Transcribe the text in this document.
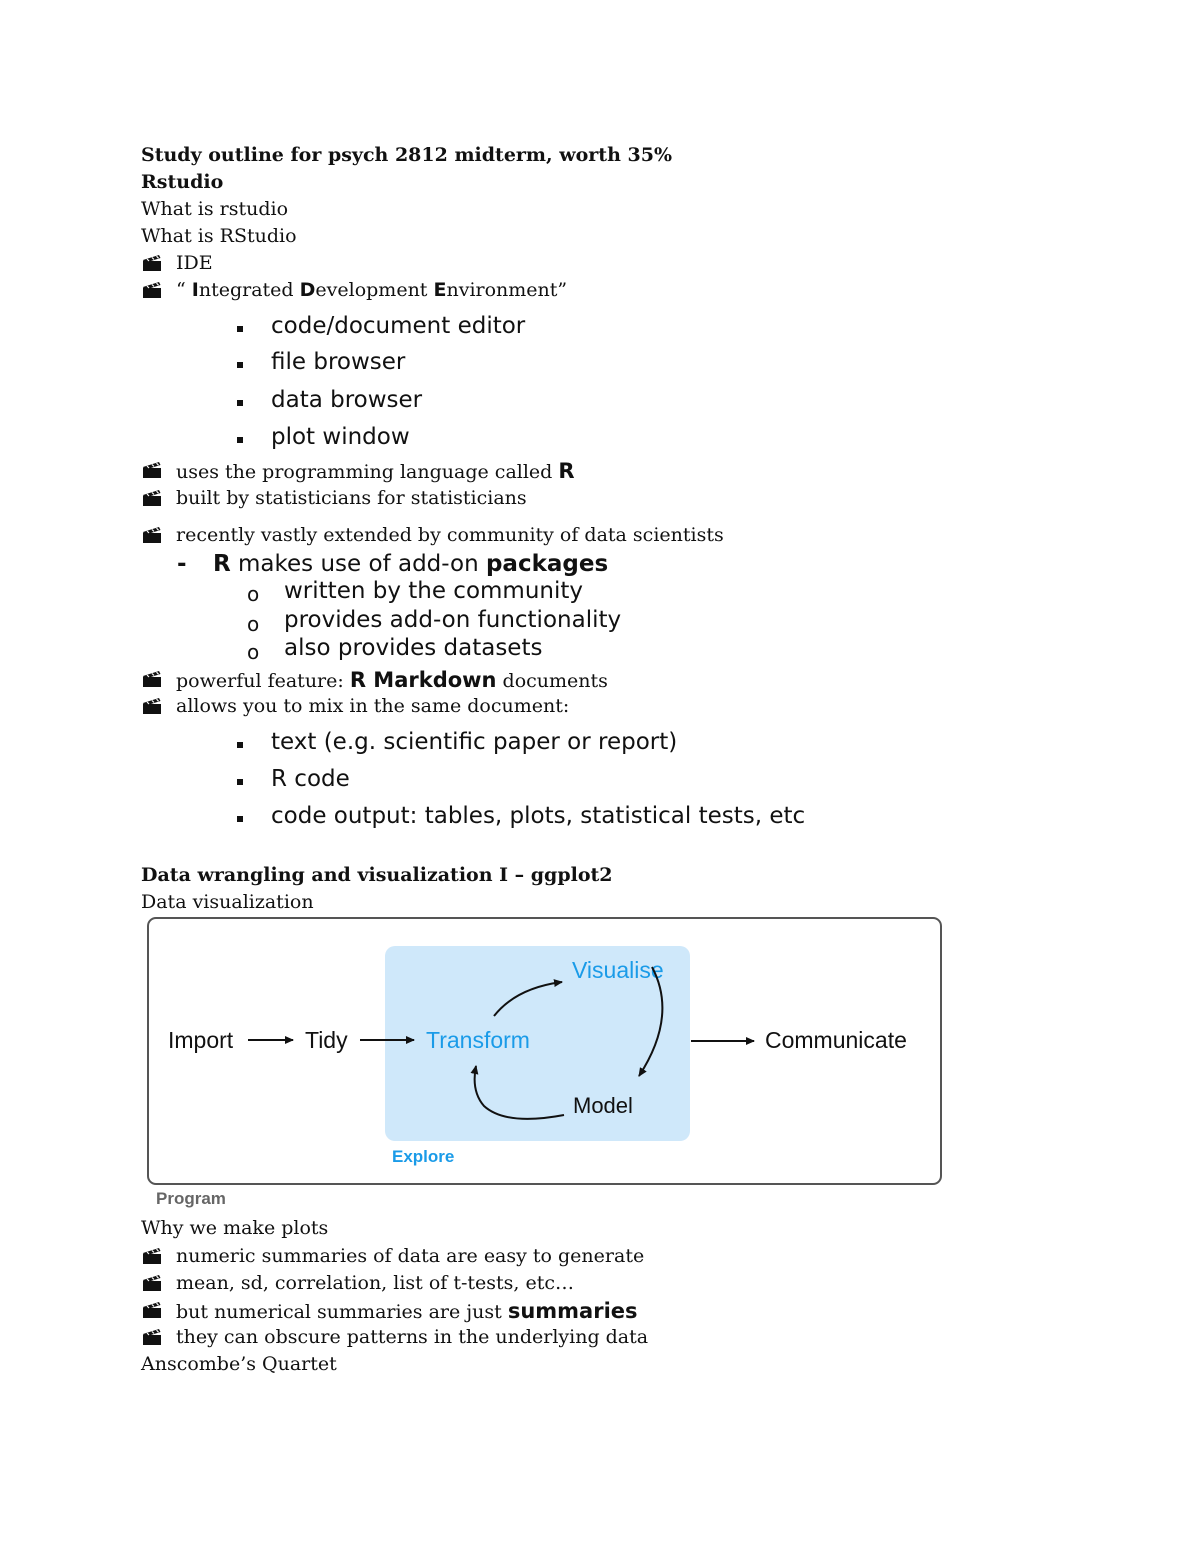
Study outline for psych 2812 midterm, worth 35%
Rstudio
What is rstudio
What is RStudio
IDE
“ Integrated Development Environment”
code/document editor
file browser
data browser
plot window
uses the programming language called R
built by statisticians for statisticians
recently vastly extended by community of data scientists
- R makes use of add-on packages
o written by the community
o provides add-on functionality
o also provides datasets
powerful feature: R Markdown documents
allows you to mix in the same document:
text (e.g. scientific paper or report)
R code
code output: tables, plots, statistical tests, etc
Data wrangling and visualization I – ggplot2
Data visualization
Import	Tidy	Transform
Visualise
Model
Communicate
Explore
Program
Why we make plots
numeric summaries of data are easy to generate
mean, sd, correlation, list of t-tests, etc…
but numerical summaries are just summaries
they can obscure patterns in the underlying data
Anscombe’s Quartet
